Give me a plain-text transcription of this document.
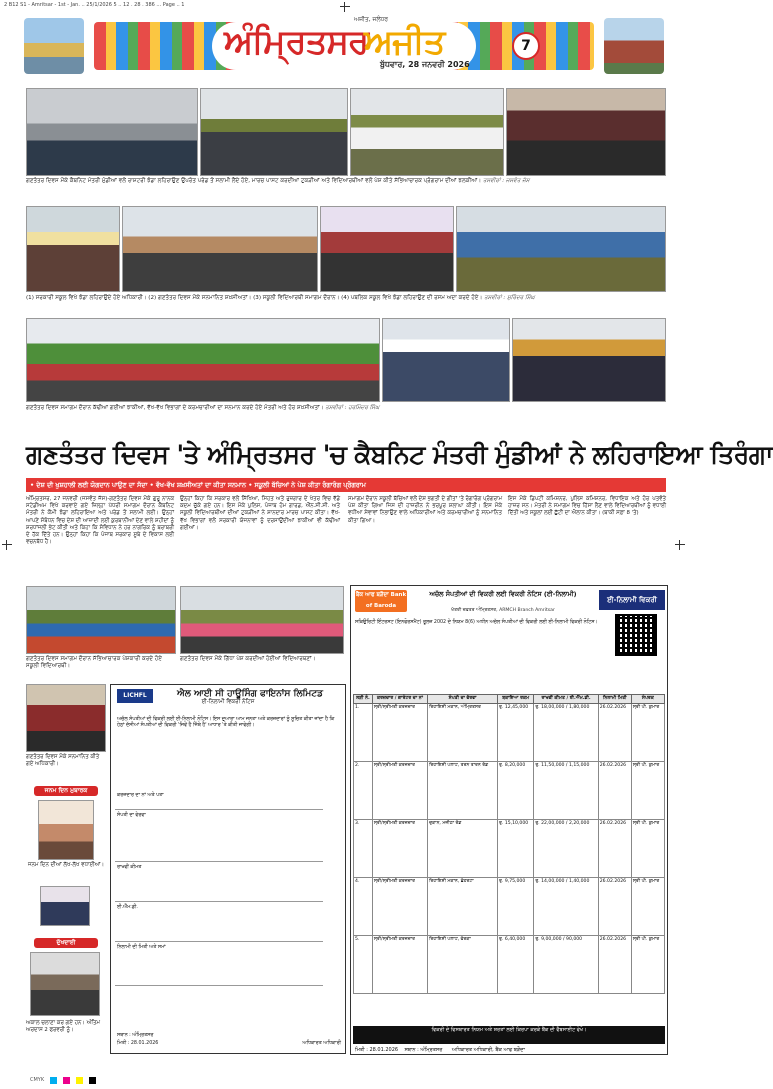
2 B12 S1 - Amritsar - 1st - Jan. .. 25/1/2026 5 .. 12 . 28 . 386 ... Page .. 1
ਅਜੀਤ, ਜਲੰਧਰ
ਅੰਮ੍ਰਿਤਸਰ
ਅਜੀਤ
ਬੁੱਧਵਾਰ, 28 ਜਨਵਰੀ 2026
7
ਗਣਤੰਤਰ ਦਿਵਸ ਮੌਕੇ ਕੈਬਨਿਟ ਮੰਤਰੀ ਮੁੰਡੀਆਂ ਵਲੋਂ ਰਾਸ਼ਟਰੀ ਝੰਡਾ ਲਹਿਰਾਉਣ ਉਪਰੰਤ ਪਰੇਡ ਤੋਂ ਸਲਾਮੀ ਲੈਂਦੇ ਹੋਏ, ਮਾਰਚ ਪਾਸਟ ਕਰਦੀਆਂ ਟੁਕੜੀਆਂ ਅਤੇ ਵਿਦਿਆਰਥੀਆਂ ਵਲੋਂ ਪੇਸ਼ ਕੀਤੇ ਸੱਭਿਆਚਾਰਕ ਪ੍ਰੋਗਰਾਮ ਦੀਆਂ ਝਲਕੀਆਂ। ਤਸਵੀਰਾਂ : ਜਸਵੰਤ ਜੱਸ
(1) ਸਰਕਾਰੀ ਸਕੂਲ ਵਿਖੇ ਝੰਡਾ ਲਹਿਰਾਉਂਦੇ ਹੋਏ ਅਧਿਕਾਰੀ। (2) ਗਣਤੰਤਰ ਦਿਵਸ ਮੌਕੇ ਸਨਮਾਨਿਤ ਸ਼ਖ਼ਸੀਅਤਾਂ। (3) ਸਕੂਲੀ ਵਿਦਿਆਰਥੀ ਸਮਾਗਮ ਦੌਰਾਨ। (4) ਪਬਲਿਕ ਸਕੂਲ ਵਿਖੇ ਝੰਡਾ ਲਹਿਰਾਉਣ ਦੀ ਰਸਮ ਅਦਾ ਕਰਦੇ ਹੋਏ। ਤਸਵੀਰਾਂ : ਸੁਰਿੰਦਰ ਸਿੰਘ
ਗਣਤੰਤਰ ਦਿਵਸ ਸਮਾਗਮ ਦੌਰਾਨ ਕੱਢੀਆਂ ਗਈਆਂ ਝਾਕੀਆਂ, ਵੱਖ-ਵੱਖ ਵਿਭਾਗਾਂ ਦੇ ਕਰਮਚਾਰੀਆਂ ਦਾ ਸਨਮਾਨ ਕਰਦੇ ਹੋਏ ਮੰਤਰੀ ਅਤੇ ਹੋਰ ਸ਼ਖ਼ਸੀਅਤਾਂ। ਤਸਵੀਰਾਂ : ਹਰਮਿੰਦਰ ਸਿੰਘ
ਗਣਤੰਤਰ ਦਿਵਸ 'ਤੇ ਅੰਮ੍ਰਿਤਸਰ 'ਚ ਕੈਬਨਿਟ ਮੰਤਰੀ ਮੁੰਡੀਆਂ ਨੇ ਲਹਿਰਾਇਆ ਤਿਰੰਗਾ
• ਦੇਸ਼ ਦੀ ਖੁਸ਼ਹਾਲੀ ਲਈ ਯੋਗਦਾਨ ਪਾਉਣ ਦਾ ਸੱਦਾ • ਵੱਖ-ਵੱਖ ਸ਼ਖ਼ਸੀਅਤਾਂ ਦਾ ਕੀਤਾ ਸਨਮਾਨ • ਸਕੂਲੀ ਬੱਚਿਆਂ ਨੇ ਪੇਸ਼ ਕੀਤਾ ਰੰਗਾਰੰਗ ਪ੍ਰੋਗਰਾਮ
ਅੰਮ੍ਰਿਤਸਰ, 27 ਜਨਵਰੀ (ਜਸਵੰਤ ਜੱਸ)-ਗਣਤੰਤਰ ਦਿਵਸ ਮੌਕੇ ਗੁਰੂ ਨਾਨਕ ਸਟੇਡੀਅਮ ਵਿਖੇ ਕਰਵਾਏ ਗਏ ਜ਼ਿਲ੍ਹਾ ਪੱਧਰੀ ਸਮਾਗਮ ਦੌਰਾਨ ਕੈਬਨਿਟ ਮੰਤਰੀ ਨੇ ਕੌਮੀ ਝੰਡਾ ਲਹਿਰਾਇਆ ਅਤੇ ਪਰੇਡ ਤੋਂ ਸਲਾਮੀ ਲਈ। ਉਨ੍ਹਾਂ ਆਪਣੇ ਸੰਬੋਧਨ ਵਿਚ ਦੇਸ਼ ਦੀ ਆਜ਼ਾਦੀ ਲਈ ਕੁਰਬਾਨੀਆਂ ਦੇਣ ਵਾਲੇ ਸ਼ਹੀਦਾਂ ਨੂੰ ਸ਼ਰਧਾਂਜਲੀ ਭੇਟ ਕੀਤੀ ਅਤੇ ਕਿਹਾ ਕਿ ਸੰਵਿਧਾਨ ਨੇ ਹਰ ਨਾਗਰਿਕ ਨੂੰ ਬਰਾਬਰੀ ਦੇ ਹੱਕ ਦਿੱਤੇ ਹਨ। ਉਨ੍ਹਾਂ ਕਿਹਾ ਕਿ ਪੰਜਾਬ ਸਰਕਾਰ ਸੂਬੇ ਦੇ ਵਿਕਾਸ ਲਈ ਵਚਨਬੱਧ ਹੈ।
ਉਨ੍ਹਾਂ ਕਿਹਾ ਕਿ ਸਰਕਾਰ ਵਲੋਂ ਸਿੱਖਿਆ, ਸਿਹਤ ਅਤੇ ਰੁਜ਼ਗਾਰ ਦੇ ਖੇਤਰ ਵਿਚ ਵੱਡੇ ਕਦਮ ਚੁੱਕੇ ਗਏ ਹਨ। ਇਸ ਮੌਕੇ ਪੁਲਿਸ, ਪੰਜਾਬ ਹੋਮ ਗਾਰਡ, ਐੱਨ.ਸੀ.ਸੀ. ਅਤੇ ਸਕੂਲੀ ਵਿਦਿਆਰਥੀਆਂ ਦੀਆਂ ਟੁਕੜੀਆਂ ਨੇ ਸ਼ਾਨਦਾਰ ਮਾਰਚ ਪਾਸਟ ਕੀਤਾ। ਵੱਖ-ਵੱਖ ਵਿਭਾਗਾਂ ਵਲੋਂ ਸਰਕਾਰੀ ਯੋਜਨਾਵਾਂ ਨੂੰ ਦਰਸਾਉਂਦੀਆਂ ਝਾਕੀਆਂ ਵੀ ਕੱਢੀਆਂ ਗਈਆਂ।
ਸਮਾਗਮ ਦੌਰਾਨ ਸਕੂਲੀ ਬੱਚਿਆਂ ਵਲੋਂ ਦੇਸ਼ ਭਗਤੀ ਦੇ ਗੀਤਾਂ 'ਤੇ ਰੰਗਾਰੰਗ ਪ੍ਰੋਗਰਾਮ ਪੇਸ਼ ਕੀਤਾ ਗਿਆ ਜਿਸ ਦੀ ਹਾਜ਼ਰੀਨ ਨੇ ਭਰਪੂਰ ਸ਼ਲਾਘਾ ਕੀਤੀ। ਇਸ ਮੌਕੇ ਵਧੀਆ ਸੇਵਾਵਾਂ ਨਿਭਾਉਣ ਵਾਲੇ ਅਧਿਕਾਰੀਆਂ ਅਤੇ ਕਰਮਚਾਰੀਆਂ ਨੂੰ ਸਨਮਾਨਿਤ ਕੀਤਾ ਗਿਆ।
ਇਸ ਮੌਕੇ ਡਿਪਟੀ ਕਮਿਸ਼ਨਰ, ਪੁਲਿਸ ਕਮਿਸ਼ਨਰ, ਵਿਧਾਇਕ ਅਤੇ ਹੋਰ ਪਤਵੰਤੇ ਹਾਜ਼ਰ ਸਨ। ਮੰਤਰੀ ਨੇ ਸਮਾਗਮ ਵਿਚ ਹਿੱਸਾ ਲੈਣ ਵਾਲੇ ਵਿਦਿਆਰਥੀਆਂ ਨੂੰ ਵਧਾਈ ਦਿੱਤੀ ਅਤੇ ਸਕੂਲਾਂ ਲਈ ਛੁੱਟੀ ਦਾ ਐਲਾਨ ਕੀਤਾ। (ਬਾਕੀ ਸਫ਼ਾ 8 'ਤੇ)
ਗਣਤੰਤਰ ਦਿਵਸ ਸਮਾਗਮ ਦੌਰਾਨ ਸੱਭਿਆਚਾਰਕ ਪੇਸ਼ਕਾਰੀ ਕਰਦੇ ਹੋਏ ਸਕੂਲੀ ਵਿਦਿਆਰਥੀ।
ਗਣਤੰਤਰ ਦਿਵਸ ਮੌਕੇ ਗਿੱਧਾ ਪੇਸ਼ ਕਰਦੀਆਂ ਹੋਈਆਂ ਵਿਦਿਆਰਥਣਾਂ।
ਗਣਤੰਤਰ ਦਿਵਸ ਮੌਕੇ ਸਨਮਾਨਿਤ ਕੀਤੇ ਗਏ ਅਧਿਕਾਰੀ।
ਜਨਮ ਦਿਨ ਮੁਬਾਰਕ
ਜਨਮ ਦਿਨ ਦੀਆਂ ਲੱਖ-ਲੱਖ ਵਧਾਈਆਂ।
ਦੁੱਖਦਾਈ
ਅਕਾਲ ਚਲਾਣਾ ਕਰ ਗਏ ਹਨ। ਅੰਤਿਮ ਅਰਦਾਸ 2 ਫਰਵਰੀ ਨੂੰ।
LICHFL	ਐਲ ਆਈ ਸੀ ਹਾਊਸਿੰਗ ਫਾਇਨਾਂਸ ਲਿਮਿਟਡ
ਈ-ਨਿਲਾਮੀ ਵਿਕਰੀ ਨੋਟਿਸ
ਅਚੱਲ ਸੰਪਤੀਆਂ ਦੀ ਵਿਕਰੀ ਲਈ ਈ-ਨਿਲਾਮੀ ਨੋਟਿਸ। ਇਸ ਦੁਆਰਾ ਆਮ ਜਨਤਾ ਅਤੇ ਕਰਜ਼ਦਾਰਾਂ ਨੂੰ ਸੂਚਿਤ ਕੀਤਾ ਜਾਂਦਾ ਹੈ ਕਿ ਹੇਠਾਂ ਦੱਸੀਆਂ ਸੰਪਤੀਆਂ ਦੀ ਵਿਕਰੀ 'ਜਿਵੇਂ ਹੈ ਜਿੱਥੇ ਹੈ' ਆਧਾਰ 'ਤੇ ਕੀਤੀ ਜਾਵੇਗੀ।
ਕਰਜ਼ਦਾਰ ਦਾ ਨਾਂ ਅਤੇ ਪਤਾ
ਸੰਪਤੀ ਦਾ ਵੇਰਵਾ
ਰਾਖਵੀਂ ਕੀਮਤ
ਈ.ਐੱਮ.ਡੀ.
ਨਿਲਾਮੀ ਦੀ ਮਿਤੀ ਅਤੇ ਸਮਾਂ
ਸਥਾਨ : ਅੰਮ੍ਰਿਤਸਰ
ਮਿਤੀ : 28.01.2026	ਅਧਿਕਾਰਤ ਅਧਿਕਾਰੀ
ਬੈਂਕ ਆਫ ਬੜੌਦਾ Bank of Baroda
ਅਚੱਲ ਸੰਪਤੀਆਂ ਦੀ ਵਿਕਰੀ ਲਈ ਵਿਕਰੀ ਨੋਟਿਸ (ਈ-ਨਿਲਾਮੀ)
ਖੇਤਰੀ ਦਫ਼ਤਰ ਅੰਮ੍ਰਿਤਸਰ, ARMCH Branch Amritsar
ਈ-ਨਿਲਾਮੀ ਵਿਕਰੀ
ਸਕਿਉਰਿਟੀ ਇੰਟਰਸਟ (ਇਨਫੋਰਸਮੈਂਟ) ਰੂਲਜ਼ 2002 ਦੇ ਨਿਯਮ 8(6) ਅਧੀਨ ਅਚੱਲ ਸੰਪਤੀਆਂ ਦੀ ਵਿਕਰੀ ਲਈ ਈ-ਨਿਲਾਮੀ ਵਿਕਰੀ ਨੋਟਿਸ।
ਲੜੀ ਨੰ.	ਕਰਜ਼ਦਾਰ / ਗਾਰੰਟਰ ਦਾ ਨਾਂ	ਸੰਪਤੀ ਦਾ ਵੇਰਵਾ	ਬਕਾਇਆ ਰਕਮ	ਰਾਖਵੀਂ ਕੀਮਤ / ਈ.ਐੱਮ.ਡੀ.	ਨਿਲਾਮੀ ਮਿਤੀ	ਸੰਪਰਕ
1.	ਸ੍ਰੀ/ਸ੍ਰੀਮਤੀ ਕਰਜ਼ਦਾਰ	ਰਿਹਾਇਸ਼ੀ ਮਕਾਨ, ਅੰਮ੍ਰਿਤਸਰ	ਰੁ. 12,45,000	ਰੁ. 18,00,000 / 1,80,000	26.02.2026	ਸ੍ਰੀ ਪੀ. ਕੁਮਾਰ
2.	ਸ੍ਰੀ/ਸ੍ਰੀਮਤੀ ਕਰਜ਼ਦਾਰ	ਰਿਹਾਇਸ਼ੀ ਪਲਾਟ, ਤਰਨ ਤਾਰਨ ਰੋਡ	ਰੁ. 8,20,000	ਰੁ. 11,50,000 / 1,15,000	26.02.2026	ਸ੍ਰੀ ਪੀ. ਕੁਮਾਰ
3.	ਸ੍ਰੀ/ਸ੍ਰੀਮਤੀ ਕਰਜ਼ਦਾਰ	ਦੁਕਾਨ, ਮਜੀਠਾ ਰੋਡ	ਰੁ. 15,10,000	ਰੁ. 22,00,000 / 2,20,000	26.02.2026	ਸ੍ਰੀ ਪੀ. ਕੁਮਾਰ
4.	ਸ੍ਰੀ/ਸ੍ਰੀਮਤੀ ਕਰਜ਼ਦਾਰ	ਰਿਹਾਇਸ਼ੀ ਮਕਾਨ, ਛੇਹਰਟਾ	ਰੁ. 9,75,000	ਰੁ. 14,00,000 / 1,40,000	26.02.2026	ਸ੍ਰੀ ਪੀ. ਕੁਮਾਰ
5.	ਸ੍ਰੀ/ਸ੍ਰੀਮਤੀ ਕਰਜ਼ਦਾਰ	ਰਿਹਾਇਸ਼ੀ ਪਲਾਟ, ਵੇਰਕਾ	ਰੁ. 6,40,000	ਰੁ. 9,00,000 / 90,000	26.02.2026	ਸ੍ਰੀ ਪੀ. ਕੁਮਾਰ
ਵਿਕਰੀ ਦੇ ਵਿਸਥਾਰਤ ਨਿਯਮ ਅਤੇ ਸ਼ਰਤਾਂ ਲਈ ਕਿਰਪਾ ਕਰਕੇ ਬੈਂਕ ਦੀ ਵੈੱਬਸਾਈਟ ਵੇਖੋ।
ਮਿਤੀ : 28.01.2026 ਸਥਾਨ : ਅੰਮ੍ਰਿਤਸਰ ਅਧਿਕਾਰਤ ਅਧਿਕਾਰੀ, ਬੈਂਕ ਆਫ ਬੜੌਦਾ
CMYK
